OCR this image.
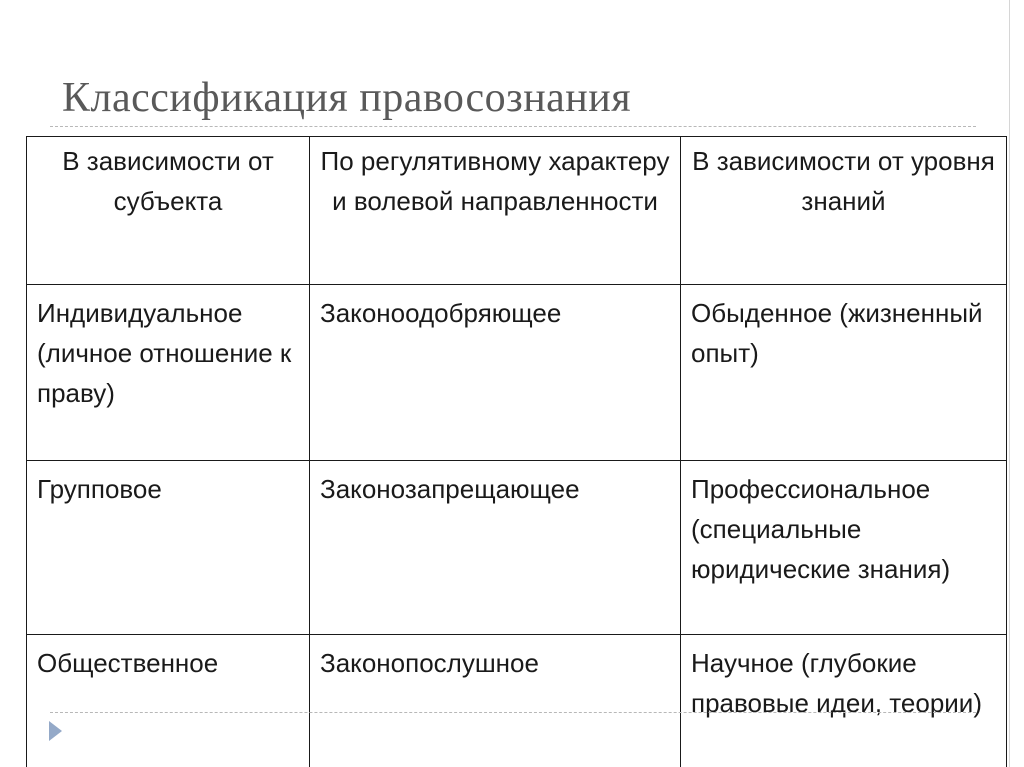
Классификация правосознания
В зависимости от субъекта	По регулятивному характеру и волевой направленности	В зависимости от уровня знаний
Индивидуальное (личное отношение к праву)	Законоодобряющее	Обыденное (жизненный опыт)
Групповое	Законозапрещающее	Профессиональное (специальные юридические знания)
Общественное	Законопослушное	Научное (глубокие правовые идеи, теории)
